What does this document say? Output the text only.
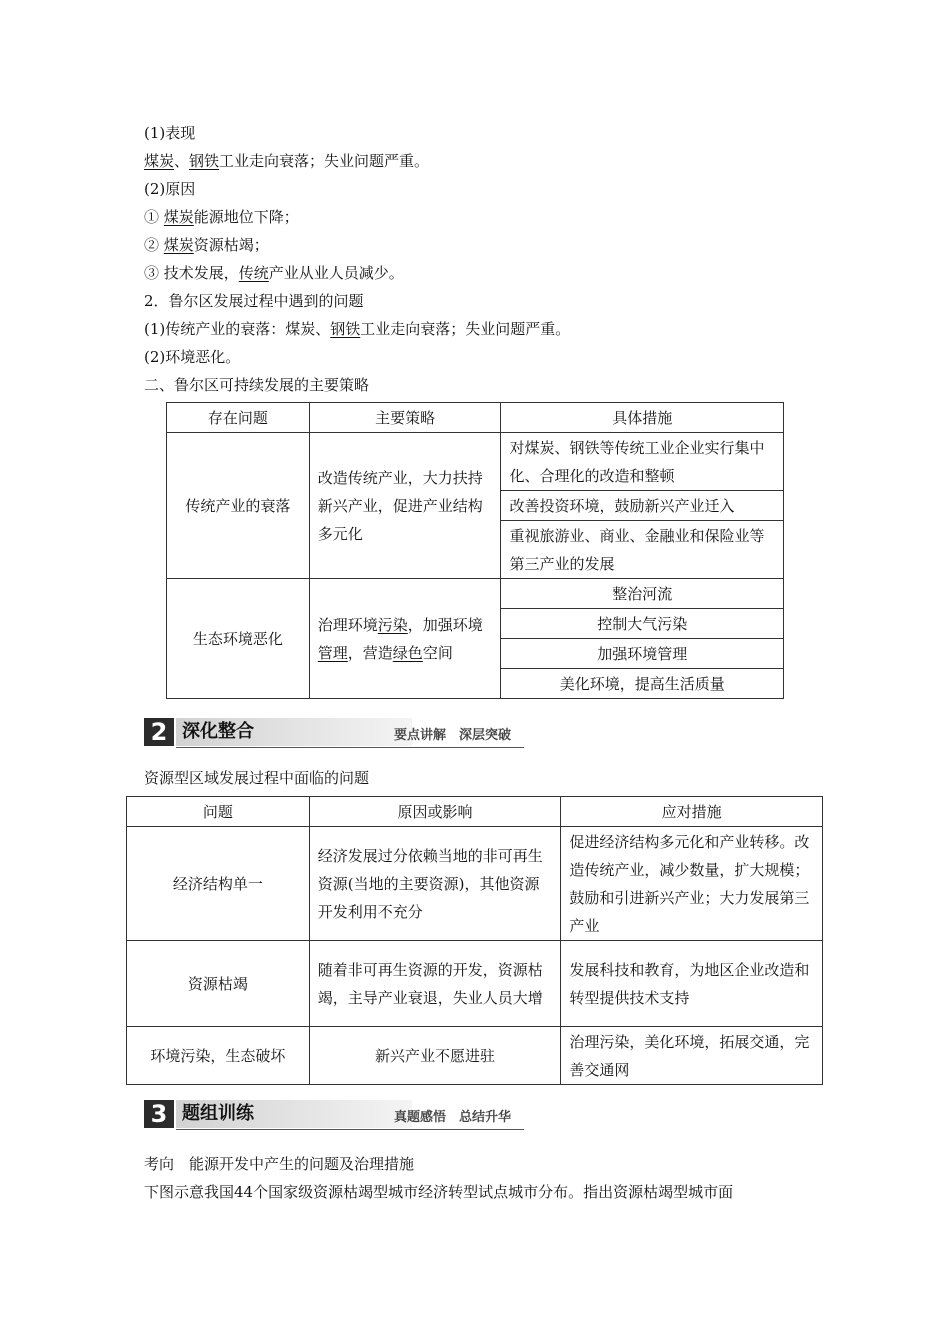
(1)表现
煤炭、钢铁工业走向衰落；失业问题严重。
(2)原因
① 煤炭能源地位下降；
② 煤炭资源枯竭；
③ 技术发展，传统产业从业人员减少。
2．鲁尔区发展过程中遇到的问题
(1)传统产业的衰落：煤炭、钢铁工业走向衰落；失业问题严重。
(2)环境恶化。
二、鲁尔区可持续发展的主要策略
存在问题	主要策略	具体措施
传统产业的衰落	改造传统产业，大力扶持新兴产业，促进产业结构多元化	对煤炭、钢铁等传统工业企业实行集中化、合理化的改造和整顿
		改善投资环境，鼓励新兴产业迁入
		重视旅游业、商业、金融业和保险业等第三产业的发展
生态环境恶化	治理环境污染，加强环境管理，营造绿色空间	整治河流
		控制大气污染
		加强环境管理
		美化环境，提高生活质量
2 深化整合	要点讲解　深层突破
资源型区域发展过程中面临的问题
问题	原因或影响	应对措施
经济结构单一	经济发展过分依赖当地的非可再生资源(当地的主要资源)，其他资源开发利用不充分	促进经济结构多元化和产业转移。改造传统产业，减少数量，扩大规模；鼓励和引进新兴产业；大力发展第三产业
资源枯竭	随着非可再生资源的开发，资源枯竭，主导产业衰退，失业人员大增	发展科技和教育，为地区企业改造和转型提供技术支持
环境污染，生态破坏	新兴产业不愿进驻	治理污染，美化环境，拓展交通，完善交通网
3 题组训练	真题感悟　总结升华
考向　能源开发中产生的问题及治理措施
下图示意我国44个国家级资源枯竭型城市经济转型试点城市分布。指出资源枯竭型城市面
